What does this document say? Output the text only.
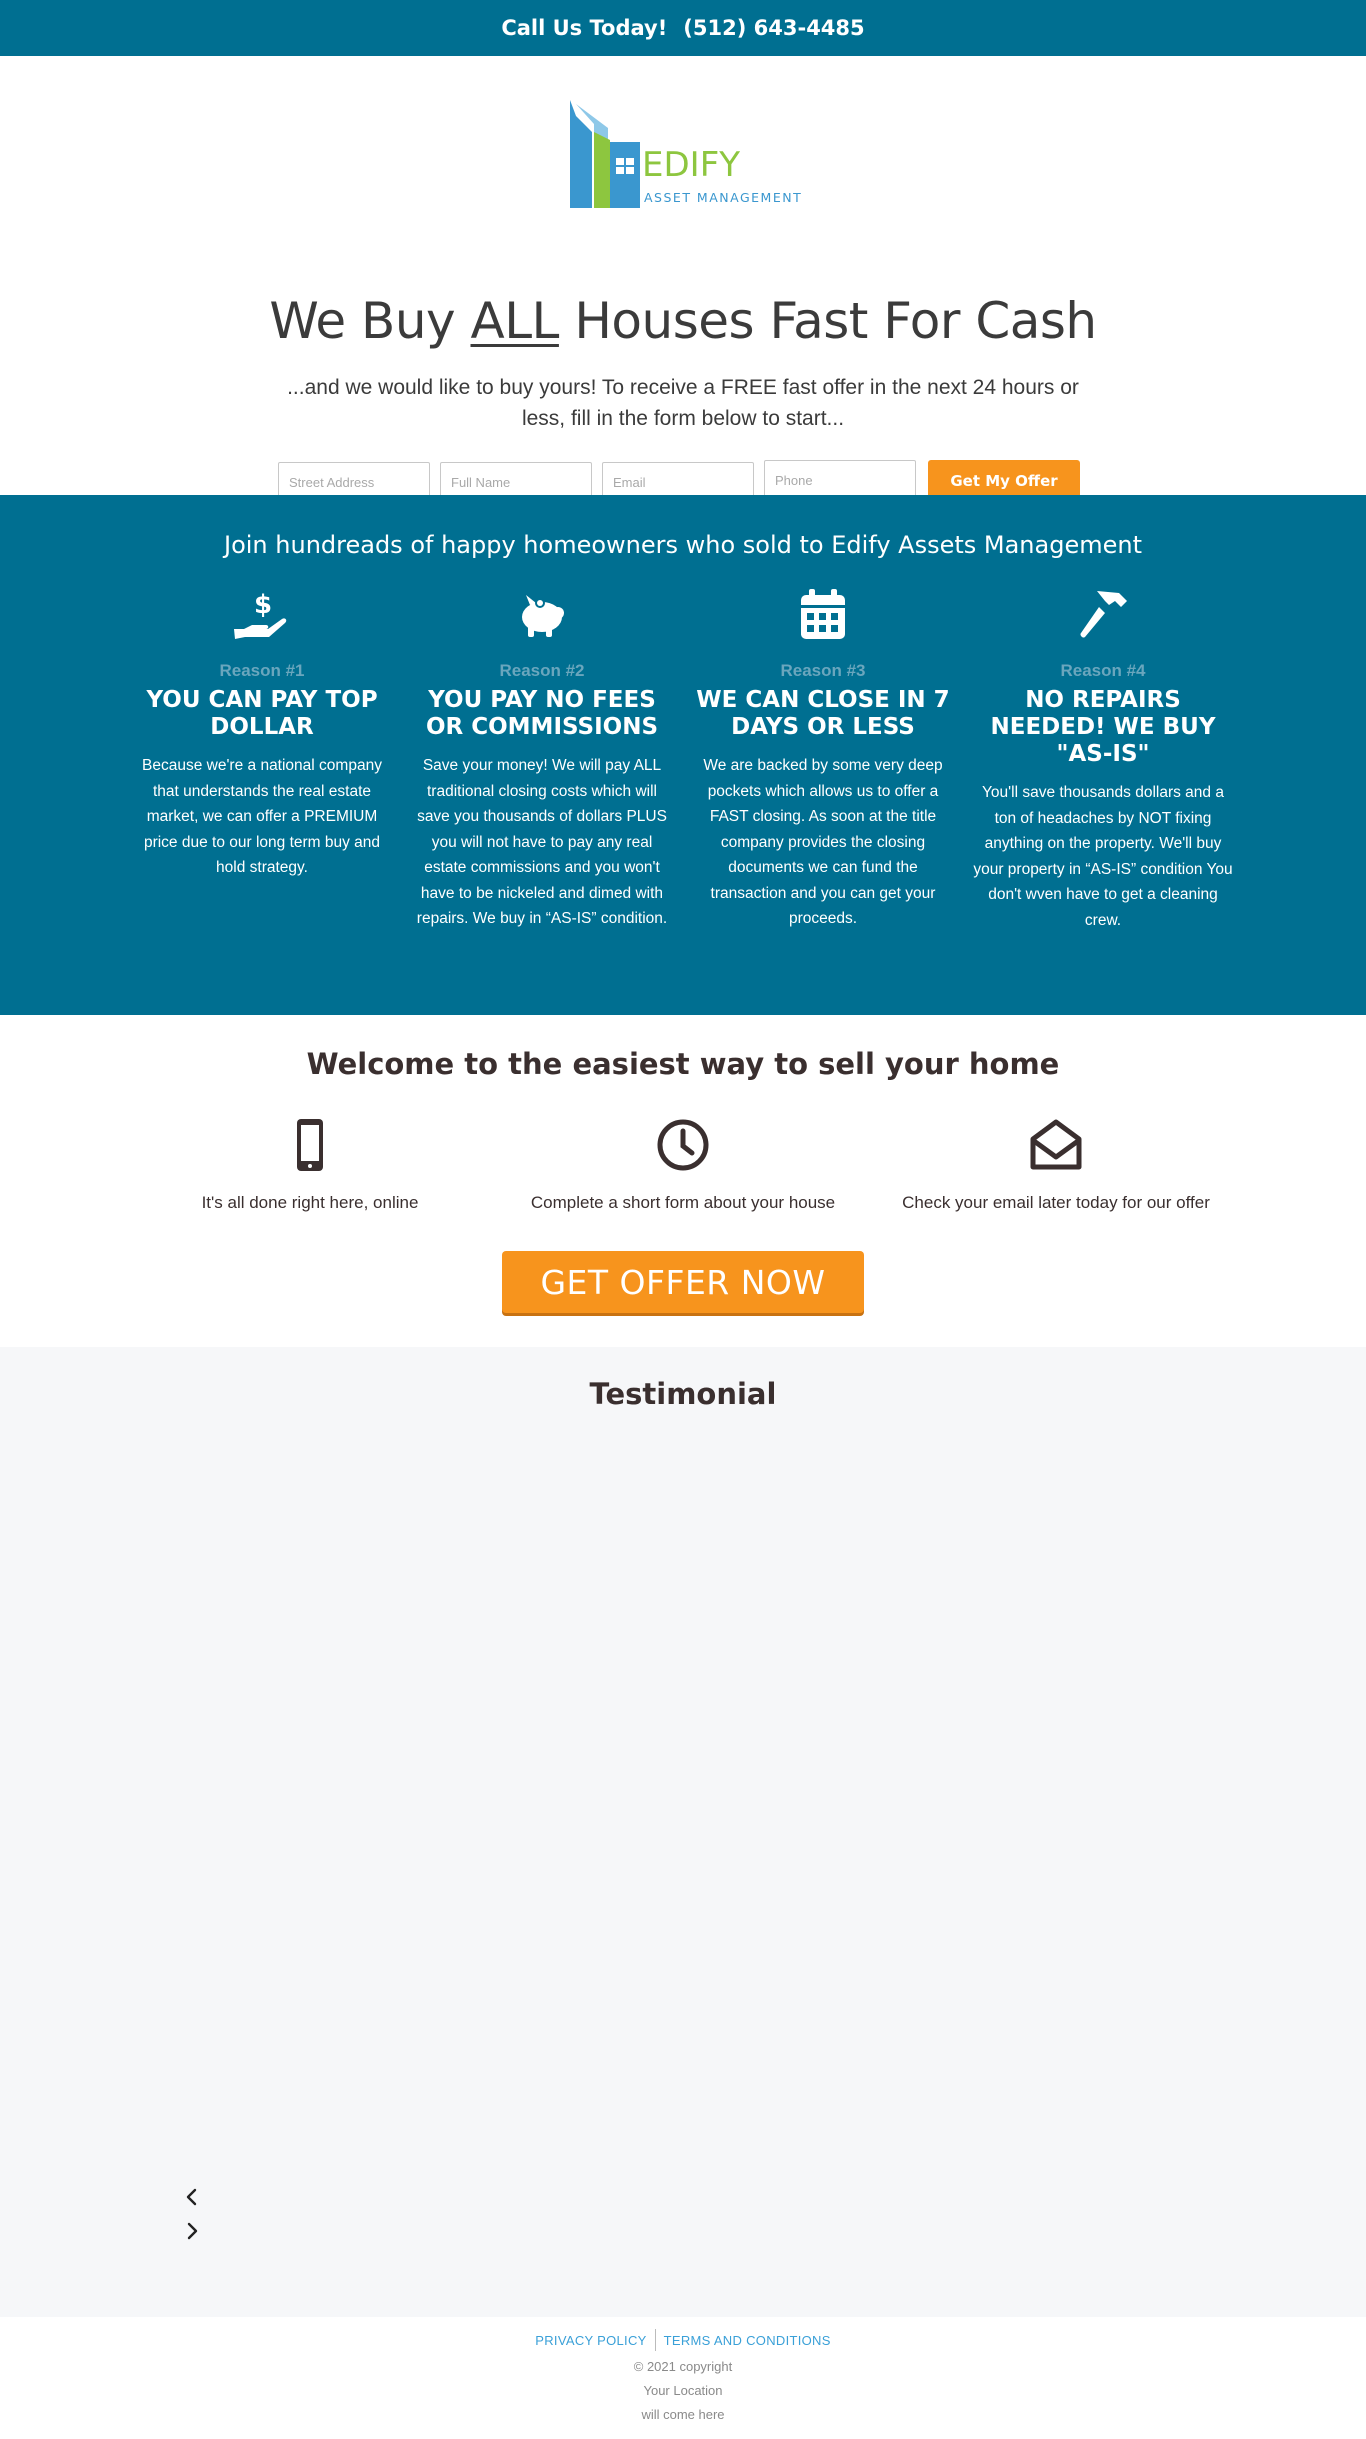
Call Us Today! (512) 643-4485
EDIFY
ASSET MANAGEMENT
We Buy ALL Houses Fast For Cash
...and we would like to buy yours! To receive a FREE fast offer in the next 24 hours or less, fill in the form below to start...
Street Address
Full Name
Email
Phone
Get My Offer
Join hundreads of happy homeowners who sold to Edify Assets Management
$
Reason #1
YOU CAN PAY TOP DOLLAR
Because we're a national company that understands the real estate market, we can offer a PREMIUM price due to our long term buy and hold strategy.
Reason #2
YOU PAY NO FEES OR COMMISSIONS
Save your money! We will pay ALL traditional closing costs which will save you thousands of dollars PLUS you will not have to pay any real estate commissions and you won't have to be nickeled and dimed with repairs. We buy in “AS-IS” condition.
Reason #3
WE CAN CLOSE IN 7 DAYS OR LESS
We are backed by some very deep pockets which allows us to offer a FAST closing. As soon at the title company provides the closing documents we can fund the transaction and you can get your proceeds.
Reason #4
NO REPAIRS NEEDED! WE BUY "AS-IS"
You'll save thousands dollars and a ton of headaches by NOT fixing anything on the property. We'll buy your property in “AS-IS” condition You don't wven have to get a cleaning crew.
Welcome to the easiest way to sell your home
It's all done right here, online	Complete a short form about your house	Check your email later today for our offer
GET OFFER NOW
Testimonial
PRIVACY POLICY	TERMS AND CONDITIONS
© 2021 copyright
Your Location
will come here
